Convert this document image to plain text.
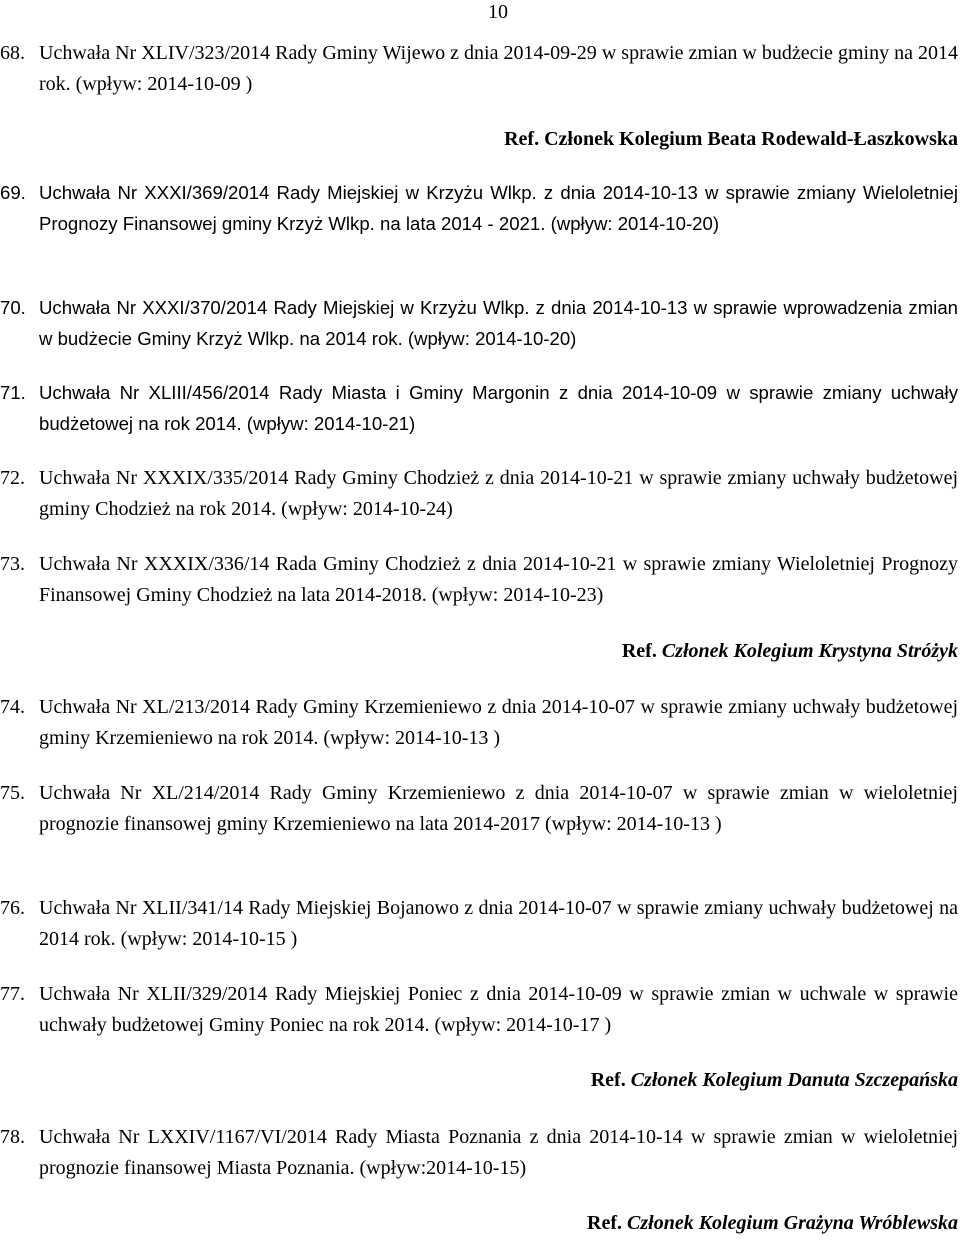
10
68. Uchwała Nr XLIV/323/2014 Rady Gminy Wijewo z dnia 2014-09-29 w sprawie zmian w budżecie gminy na 2014 rok. (wpływ: 2014-10-09 )
Ref. Członek Kolegium Beata Rodewald-Łaszkowska
69. Uchwała Nr XXXI/369/2014 Rady Miejskiej w Krzyżu Wlkp. z dnia 2014-10-13 w sprawie zmiany Wieloletniej Prognozy Finansowej gminy Krzyż Wlkp. na lata 2014 - 2021. (wpływ: 2014-10-20)
70. Uchwała Nr XXXI/370/2014 Rady Miejskiej w Krzyżu Wlkp. z dnia 2014-10-13 w sprawie wprowadzenia zmian w budżecie Gminy Krzyż Wlkp. na 2014 rok. (wpływ: 2014-10-20)
71. Uchwała Nr XLIII/456/2014 Rady Miasta i Gminy Margonin z dnia 2014-10-09 w sprawie zmiany uchwały budżetowej na rok 2014. (wpływ: 2014-10-21)
72. Uchwała Nr XXXIX/335/2014 Rady Gminy Chodzież z dnia 2014-10-21 w sprawie zmiany uchwały budżetowej gminy Chodzież na rok 2014. (wpływ: 2014-10-24)
73. Uchwała Nr XXXIX/336/14 Rada Gminy Chodzież z dnia 2014-10-21 w sprawie zmiany Wieloletniej Prognozy Finansowej Gminy Chodzież na lata 2014-2018. (wpływ: 2014-10-23)
Ref. Członek Kolegium Krystyna Stróżyk
74. Uchwała Nr XL/213/2014 Rady Gminy Krzemieniewo z dnia 2014-10-07 w sprawie zmiany uchwały budżetowej gminy Krzemieniewo na rok 2014. (wpływ: 2014-10-13 )
75. Uchwała Nr XL/214/2014 Rady Gminy Krzemieniewo z dnia 2014-10-07 w sprawie zmian w wieloletniej prognozie finansowej gminy Krzemieniewo na lata 2014-2017 (wpływ: 2014-10-13 )
76. Uchwała Nr XLII/341/14 Rady Miejskiej Bojanowo z dnia 2014-10-07 w sprawie zmiany uchwały budżetowej na 2014 rok. (wpływ: 2014-10-15 )
77. Uchwała Nr XLII/329/2014 Rady Miejskiej Poniec z dnia 2014-10-09 w sprawie zmian w uchwale w sprawie uchwały budżetowej Gminy Poniec na rok 2014. (wpływ: 2014-10-17 )
Ref. Członek Kolegium Danuta Szczepańska
78. Uchwała Nr LXXIV/1167/VI/2014 Rady Miasta Poznania z dnia 2014-10-14 w sprawie zmian w wieloletniej prognozie finansowej Miasta Poznania. (wpływ:2014-10-15)
Ref. Członek Kolegium Grażyna Wróblewska
